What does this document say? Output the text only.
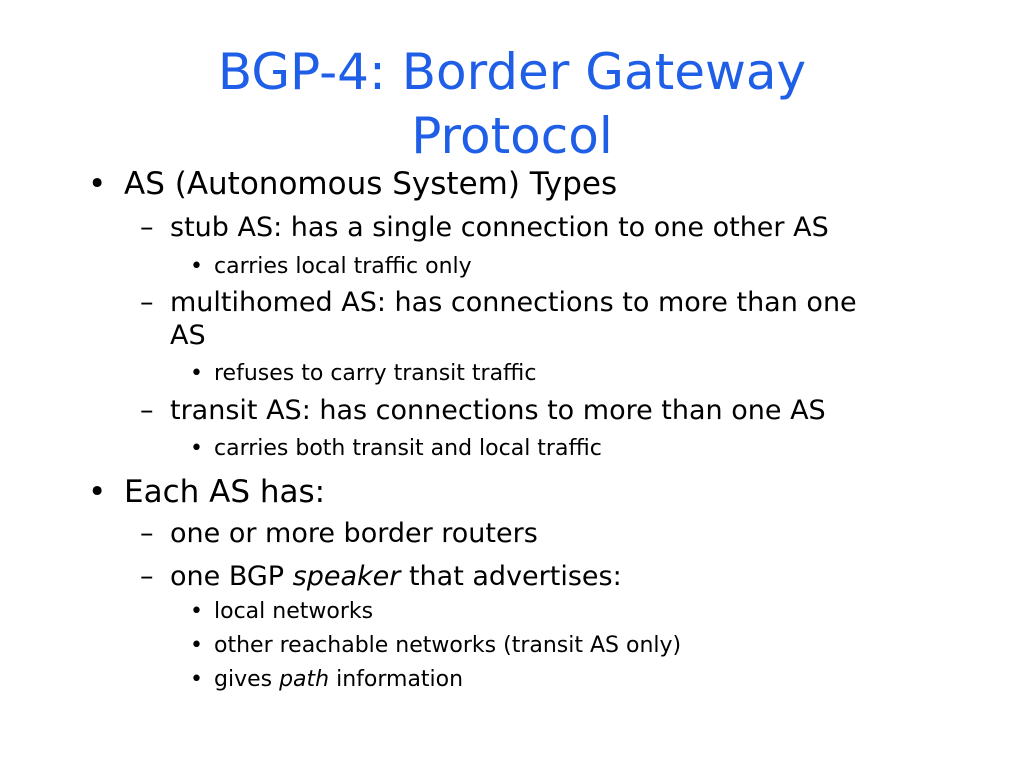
BGP-4: Border Gateway
Protocol
• AS (Autonomous System) Types
– stub AS: has a single connection to one other AS
• carries local traffic only
– multihomed AS: has connections to more than one
AS
• refuses to carry transit traffic
– transit AS: has connections to more than one AS
• carries both transit and local traffic
• Each AS has:
– one or more border routers
– one BGP speaker that advertises:
• local networks
• other reachable networks (transit AS only)
• gives path information
